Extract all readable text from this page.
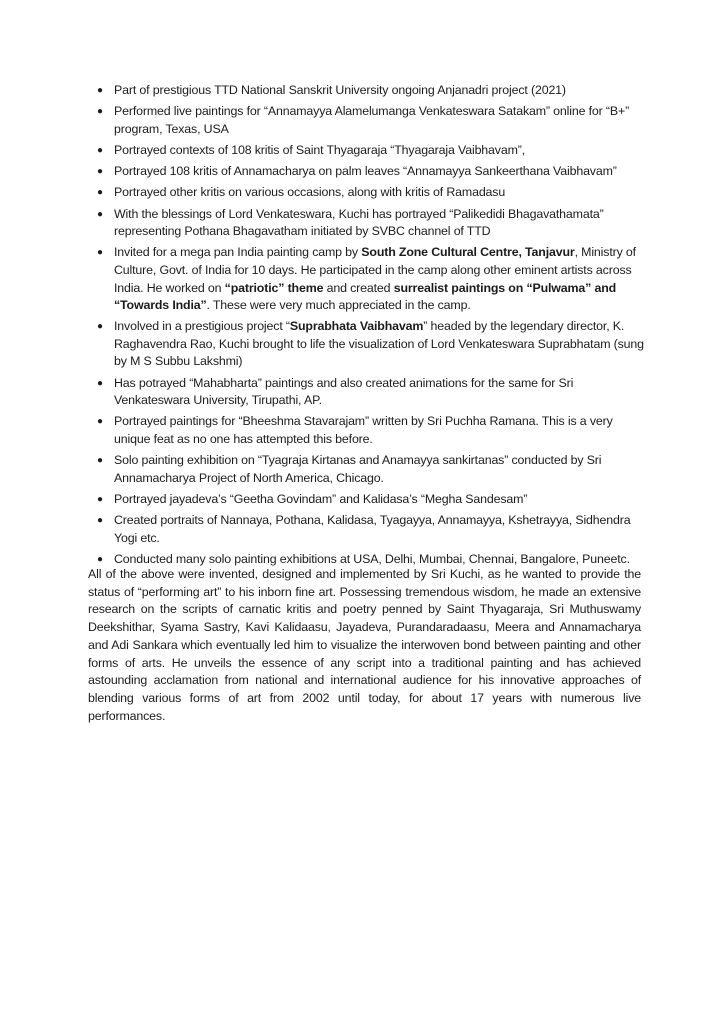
● Part of prestigious TTD National Sanskrit University ongoing Anjanadri project (2021)
● Performed live paintings for “Annamayya Alamelumanga Venkateswara Satakam” online for “B+” program, Texas, USA
● Portrayed contexts of 108 kritis of Saint Thyagaraja “Thyagaraja Vaibhavam”,
● Portrayed 108 kritis of Annamacharya on palm leaves “Annamayya Sankeerthana Vaibhavam”
● Portrayed other kritis on various occasions, along with kritis of Ramadasu
● With the blessings of Lord Venkateswara, Kuchi has portrayed “Palikedidi Bhagavathamata” representing Pothana Bhagavatham initiated by SVBC channel of TTD
● Invited for a mega pan India painting camp by South Zone Cultural Centre, Tanjavur, Ministry of Culture, Govt. of India for 10 days. He participated in the camp along other eminent artists across India. He worked on “patriotic” theme and created surrealist paintings on “Pulwama” and “Towards India”. These were very much appreciated in the camp.
● Involved in a prestigious project “Suprabhata Vaibhavam” headed by the legendary director, K. Raghavendra Rao, Kuchi brought to life the visualization of Lord Venkateswara Suprabhatam (sung by M S Subbu Lakshmi)
● Has potrayed “Mahabharta” paintings and also created animations for the same for Sri Venkateswara University, Tirupathi, AP.
● Portrayed paintings for “Bheeshma Stavarajam” written by Sri Puchha Ramana. This is a very unique feat as no one has attempted this before.
● Solo painting exhibition on “Tyagraja Kirtanas and Anamayya sankirtanas” conducted by Sri Annamacharya Project of North America, Chicago.
● Portrayed jayadeva’s “Geetha Govindam” and Kalidasa’s “Megha Sandesam”
● Created portraits of Nannaya, Pothana, Kalidasa, Tyagayya, Annamayya, Kshetrayya, Sidhendra Yogi etc.
● Conducted many solo painting exhibitions at USA, Delhi, Mumbai, Chennai, Bangalore, Puneetc.

All of the above were invented, designed and implemented by Sri Kuchi, as he wanted to provide the status of “performing art” to his inborn fine art. Possessing tremendous wisdom, he made an extensive research on the scripts of carnatic kritis and poetry penned by Saint Thyagaraja, Sri Muthuswamy Deekshithar, Syama Sastry, Kavi Kalidaasu, Jayadeva, Purandaradaasu, Meera and Annamacharya and Adi Sankara which eventually led him to visualize the interwoven bond between painting and other forms of arts. He unveils the essence of any script into a traditional painting and has achieved astounding acclamation from national and international audience for his innovative approaches of blending various forms of art from 2002 until today, for about 17 years with numerous live performances.
